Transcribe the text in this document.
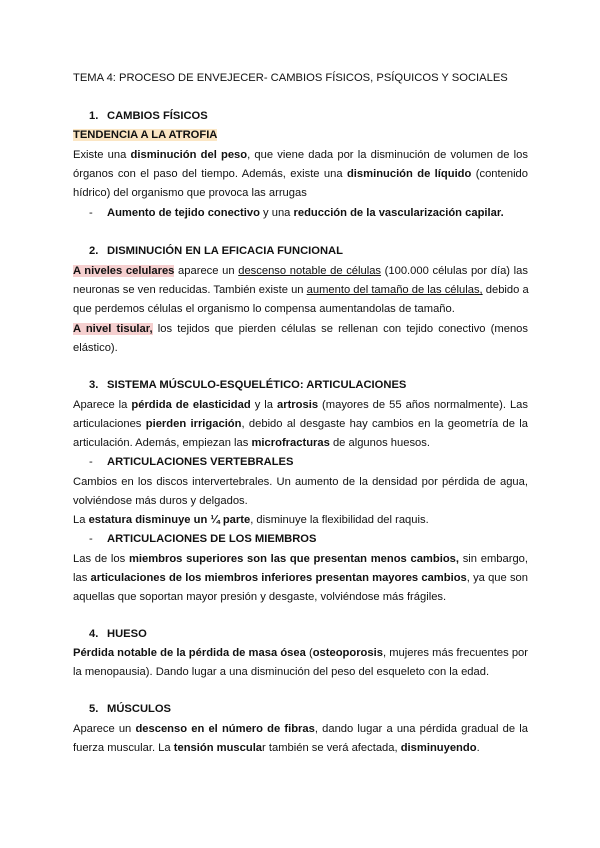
TEMA 4: PROCESO DE ENVEJECER- CAMBIOS FÍSICOS, PSÍQUICOS Y SOCIALES
1. CAMBIOS FÍSICOS
TENDENCIA A LA ATROFIA
Existe una disminución del peso, que viene dada por la disminución de volumen de los
órganos con el paso del tiempo. Además, existe una disminución de líquido (contenido
hídrico) del organismo que provoca las arrugas
- Aumento de tejido conectivo y una reducción de la vascularización capilar.
2. DISMINUCIÓN EN LA EFICACIA FUNCIONAL
A niveles celulares aparece un descenso notable de células (100.000 células por día) las
neuronas se ven reducidas. También existe un aumento del tamaño de las células, debido a
que perdemos células el organismo lo compensa aumentandolas de tamaño.
A nivel tisular, los tejidos que pierden células se rellenan con tejido conectivo (menos
elástico).
3. SISTEMA MÚSCULO-ESQUELÉTICO: ARTICULACIONES
Aparece la pérdida de elasticidad y la artrosis (mayores de 55 años normalmente). Las
articulaciones pierden irrigación, debido al desgaste hay cambios en la geometría de la
articulación. Además, empiezan las microfracturas de algunos huesos.
- ARTICULACIONES VERTEBRALES
Cambios en los discos intervertebrales. Un aumento de la densidad por pérdida de agua,
volviéndose más duros y delgados.
La estatura disminuye un ¼ parte, disminuye la flexibilidad del raquis.
- ARTICULACIONES DE LOS MIEMBROS
Las de los miembros superiores son las que presentan menos cambios, sin embargo,
las articulaciones de los miembros inferiores presentan mayores cambios, ya que son
aquellas que soportan mayor presión y desgaste, volviéndose más frágiles.
4. HUESO
Pérdida notable de la pérdida de masa ósea (osteoporosis, mujeres más frecuentes por
la menopausia). Dando lugar a una disminución del peso del esqueleto con la edad.
5. MÚSCULOS
Aparece un descenso en el número de fibras, dando lugar a una pérdida gradual de la
fuerza muscular. La tensión muscular también se verá afectada, disminuyendo.
